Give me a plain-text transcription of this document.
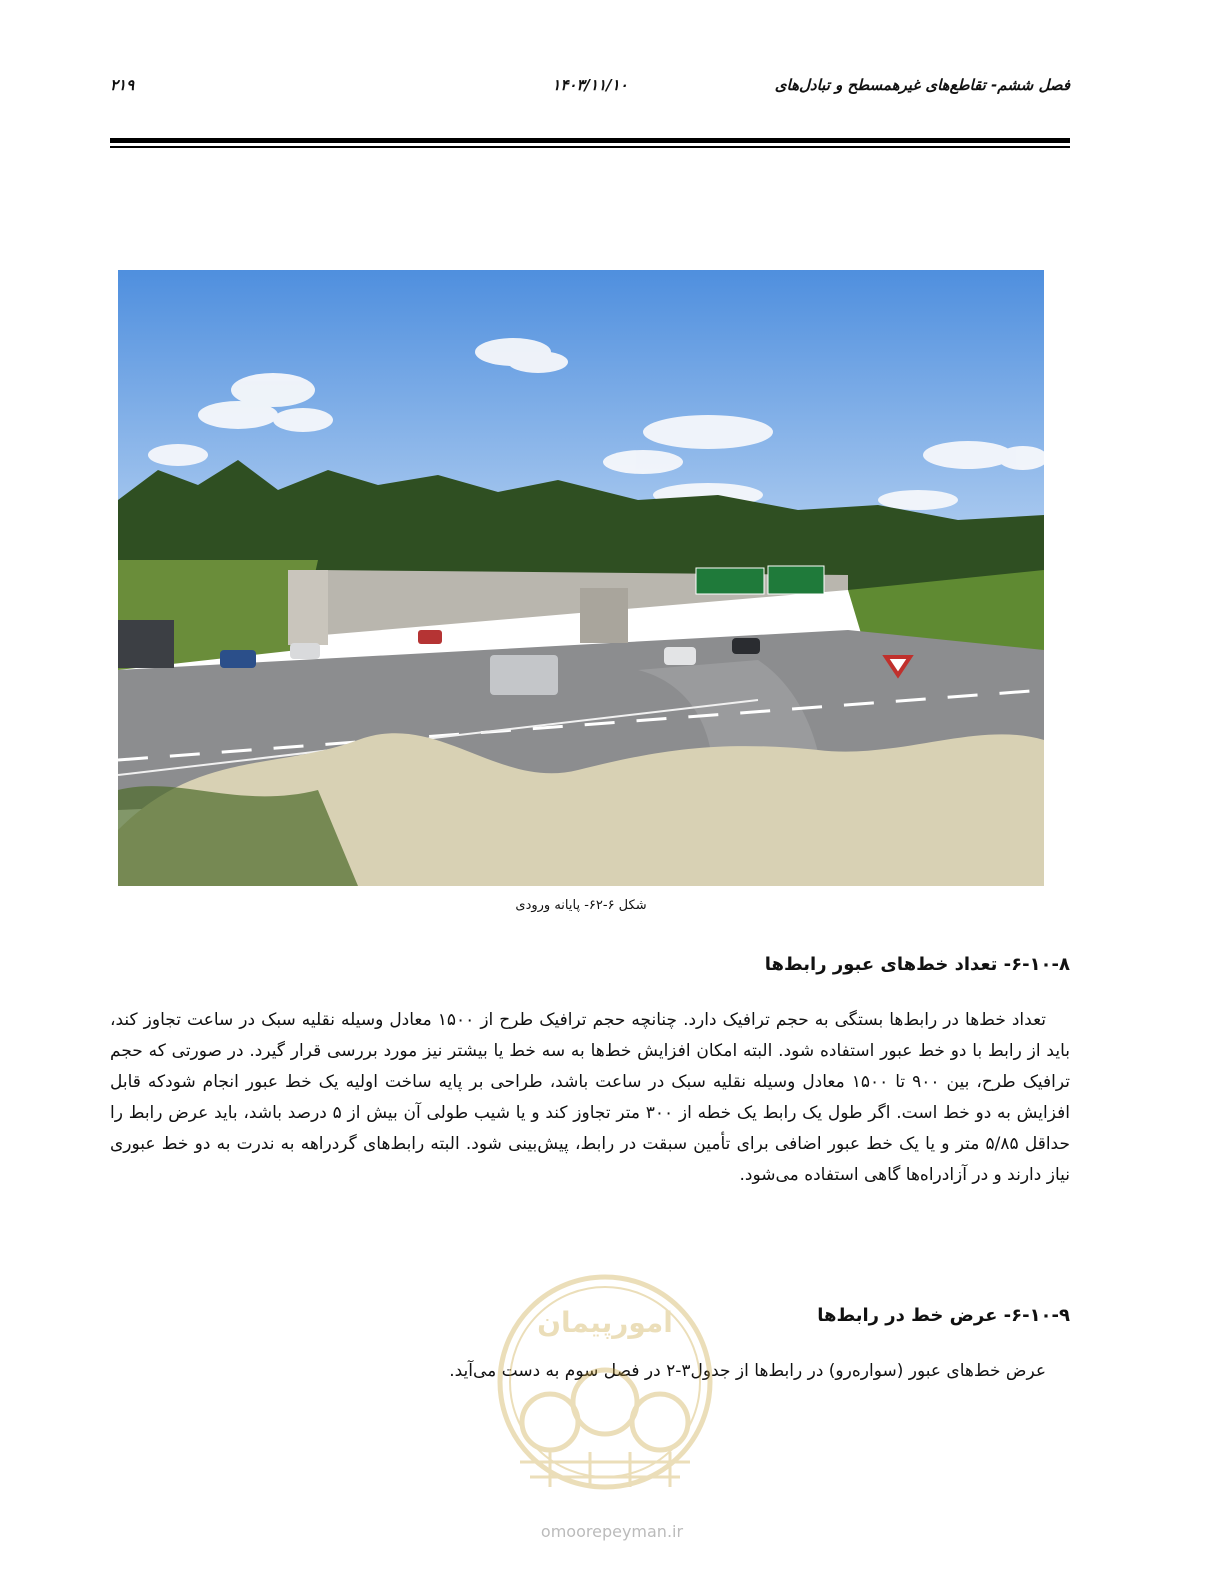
فصل ششم- تقاطع‌های غیرهمسطح و تبادل‌های
۱۴۰۳/۱۱/۱۰
۲۱۹
شکل ۶-۶۲- پایانه ورودی
۶-۱۰-۸- تعداد خط‌های عبور رابط‌ها
تعداد خط‌ها در رابط‌ها بستگی به حجم ترافیک دارد. چنانچه حجم ترافیک طرح از ۱۵۰۰ معادل وسیله نقلیه سبک در ساعت تجاوز کند، باید از رابط با دو خط عبور استفاده شود. البته امکان افزایش خط‌ها به سه خط یا بیشتر نیز مورد بررسی قرار گیرد. در صورتی که حجم ترافیک طرح، بین ۹۰۰ تا ۱۵۰۰ معادل وسیله نقلیه سبک در ساعت باشد، طراحی بر پایه ساخت اولیه یک خط عبور انجام شودکه قابل افزایش به دو خط است. اگر طول یک رابط یک خطه از ۳۰۰ متر تجاوز کند و یا شیب طولی آن بیش از ۵ درصد باشد، باید عرض رابط را حداقل ۵/۸۵ متر و یا یک خط عبور اضافی برای تأمین سبقت در رابط، پیش‌بینی شود. البته رابط‌های گردراهه به ندرت به دو خط عبوری نیاز دارند و در آزادراه‌ها گاهی استفاده می‌شود.
۶-۱۰-۹- عرض خط در رابط‌ها
عرض خط‌های عبور (سواره‌رو) در رابط‌ها از جدول۳-۲ در فصل سوم به دست می‌آید.
امورپیمان
omoorepeyman.ir
